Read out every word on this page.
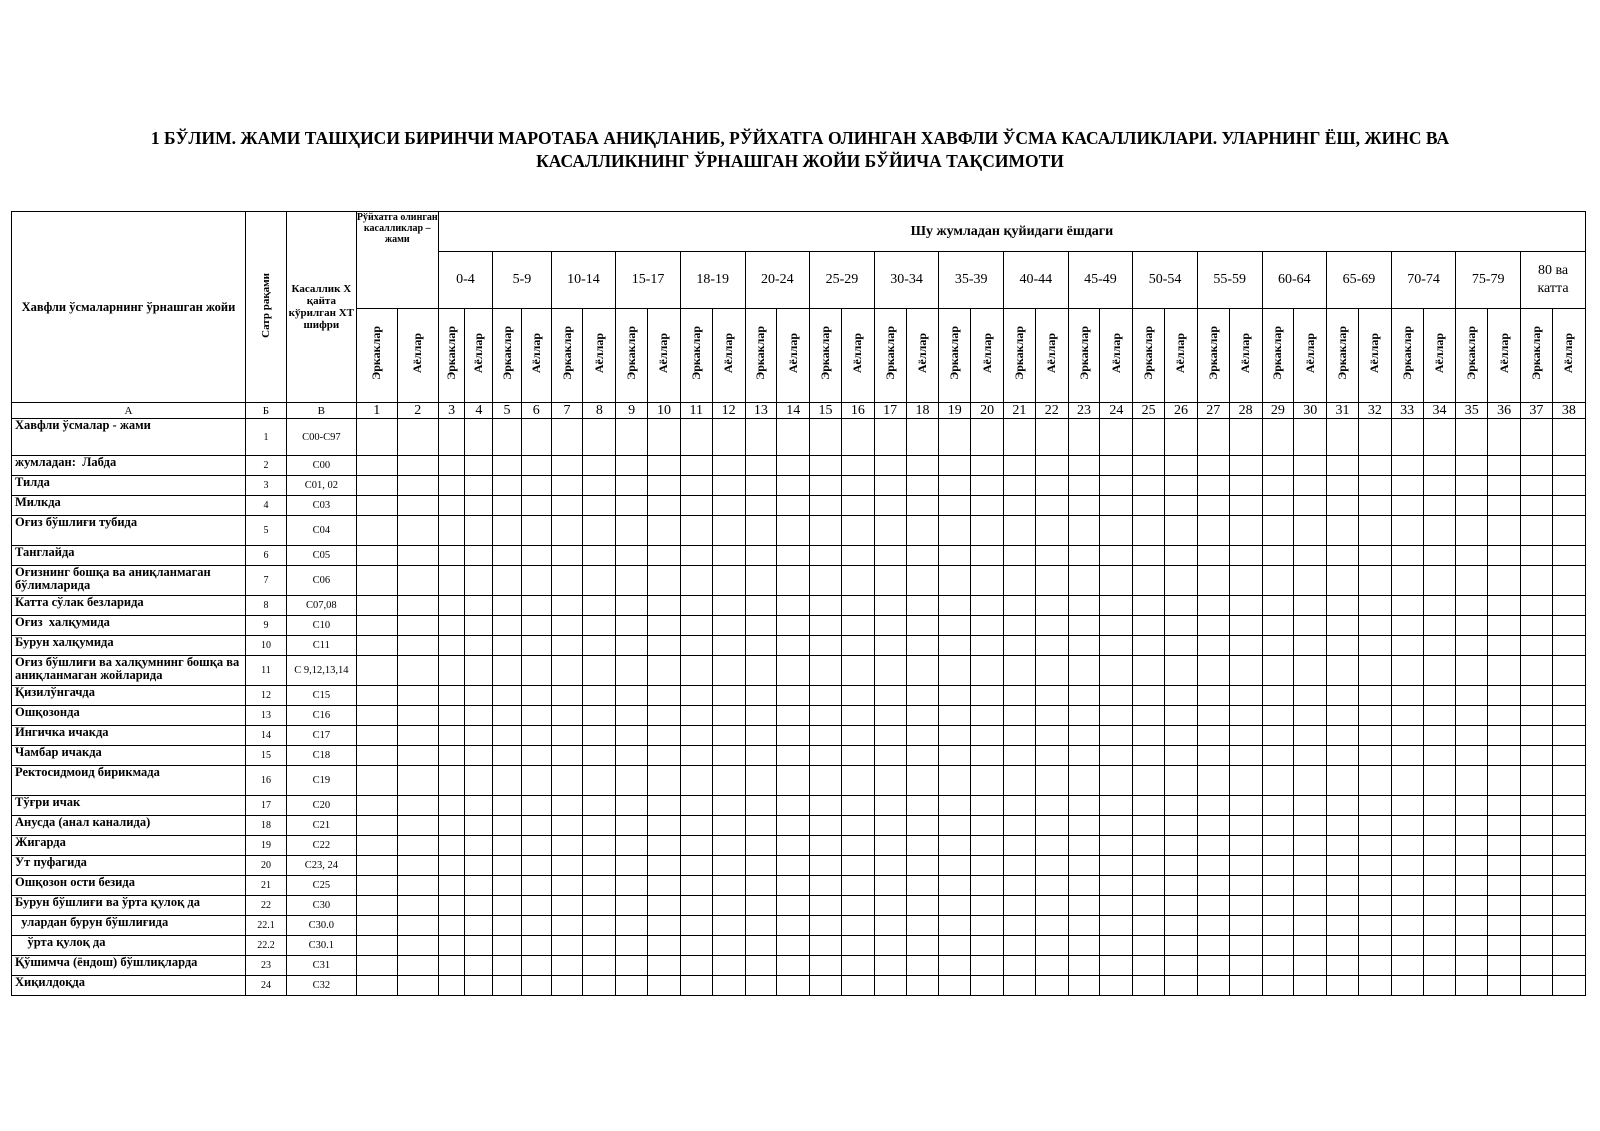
1 БЎЛИМ. ЖАМИ ТАШҲИСИ БИРИНЧИ МАРОТАБА АНИҚЛАНИБ, РЎЙХАТГА ОЛИНГАН ХАВФЛИ ЎСМА КАСАЛЛИКЛАРИ. УЛАРНИНГ ЁШ, ЖИНС ВА
КАСАЛЛИКНИНГ ЎРНАШГАН ЖОЙИ БЎЙИЧА ТАҚСИМОТИ
Хавфли ўсмаларнинг ўрнашган жойи	Сатр рақами	Касаллик Х қайта кўрилган ХТ шифри	Рўйхатга олинган касалликлар – жами		Шу жумладан қуйидаги ёшдаги																																			
					0-4		5-9		10-14		15-17		18-19		20-24		25-29		30-34		35-39		40-44		45-49		50-54		55-59		60-64		65-69		70-74		75-79		80 ва катта	
			Эркаклар	Аёллар	Эркаклар	Аёллар	Эркаклар	Аёллар	Эркаклар	Аёллар	Эркаклар	Аёллар	Эркаклар	Аёллар	Эркаклар	Аёллар	Эркаклар	Аёллар	Эркаклар	Аёллар	Эркаклар	Аёллар	Эркаклар	Аёллар	Эркаклар	Аёллар	Эркаклар	Аёллар	Эркаклар	Аёллар	Эркаклар	Аёллар	Эркаклар	Аёллар	Эркаклар	Аёллар	Эркаклар	Аёллар	Эркаклар	Аёллар
А	Б	В	1	2	3	4	5	6	7	8	9	10	11	12	13	14	15	16	17	18	19	20	21	22	23	24	25	26	27	28	29	30	31	32	33	34	35	36	37	38
Хавфли ўсмалар - жами	1	C00-C97																																						
жумладан:  Лабда	2	C00																																						
Тилда	3	C01, 02																																						
Милкда	4	C03																																						
Оғиз бўшлиғи тубида	5	C04																																						
Танглайда	6	C05																																						
Оғизнинг бошқа ва аниқланмаган бўлимларида	7	C06																																						
Катта сўлак безларида	8	C07,08																																						
Оғиз  халқумида	9	C10																																						
Бурун халқумида	10	C11																																						
Оғиз бўшлиғи ва халқумнинг бошқа ва аниқланмаган жойларида	11	C 9,12,13,14																																						
Қизилўнгачда	12	C15																																						
Ошқозонда	13	C16																																						
Ингичка ичакда	14	C17																																						
Чамбар ичакда	15	C18																																						
Ректосидмоид бирикмада	16	C19																																						
Тўғри ичак	17	C20																																						
Анусда (анал каналида)	18	C21																																						
Жигарда	19	C22																																						
Ут пуфагида	20	C23, 24																																						
Ошқозон ости безида	21	C25																																						
Бурун бўшлиғи ва ўрта қулоқ да	22	C30																																						
улардан бурун бўшлиғида	22.1	C30.0																																						
ўрта қулоқ да	22.2	C30.1																																						
Қўшимча (ёндош) бўшлиқларда	23	C31																																						
Хиқилдоқда	24	C32																																						
